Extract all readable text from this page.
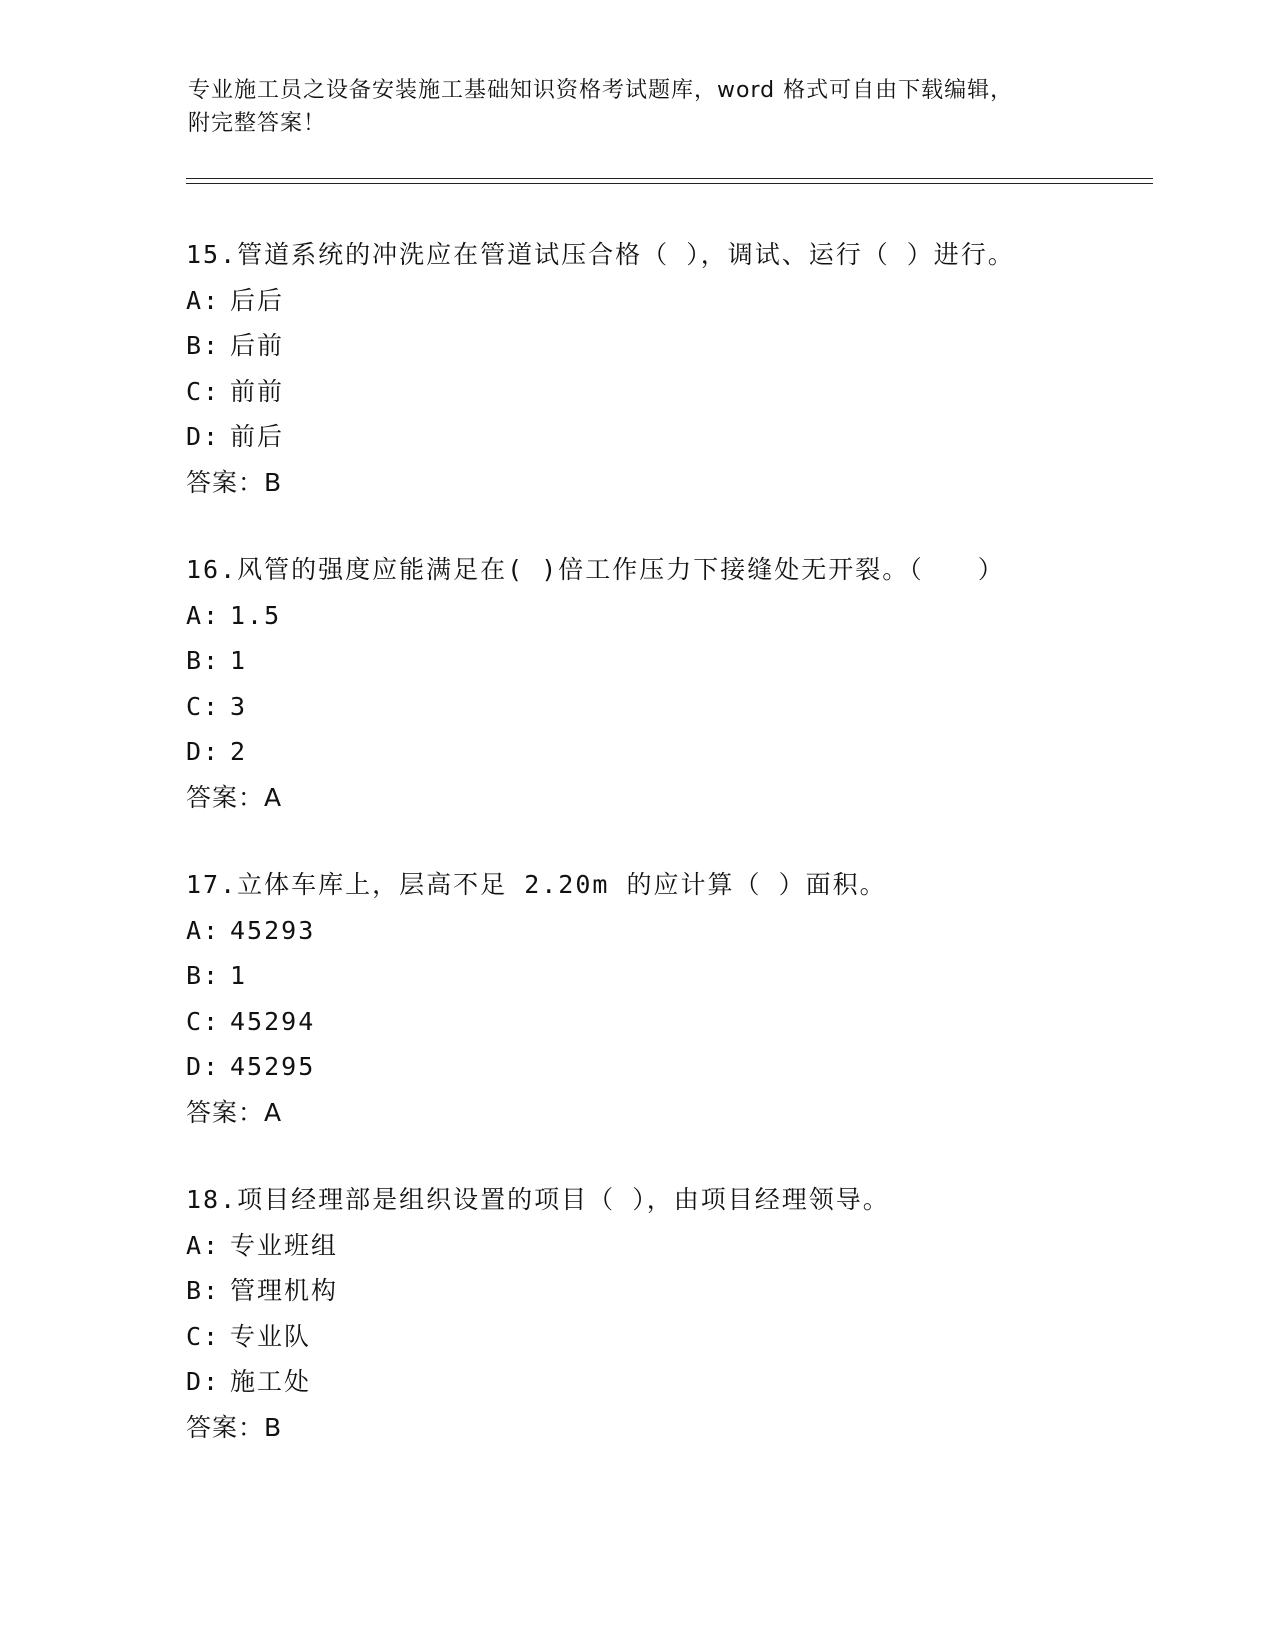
专业施工员之设备安装施工基础知识资格考试题库，word 格式可自由下载编辑，
附完整答案！
15.管道系统的冲洗应在管道试压合格（ ），调试、运行（ ）进行。
A: 后后
B: 后前
C: 前前
D: 前后
答案：B
16.风管的强度应能满足在( )倍工作压力下接缝处无开裂。（　　）
A: 1.5
B: 1
C: 3
D: 2
答案：A
17.立体车库上，层高不足 2.20m 的应计算（ ）面积。
A: 45293
B: 1
C: 45294
D: 45295
答案：A
18.项目经理部是组织设置的项目（ ），由项目经理领导。
A: 专业班组
B: 管理机构
C: 专业队
D: 施工处
答案：B
